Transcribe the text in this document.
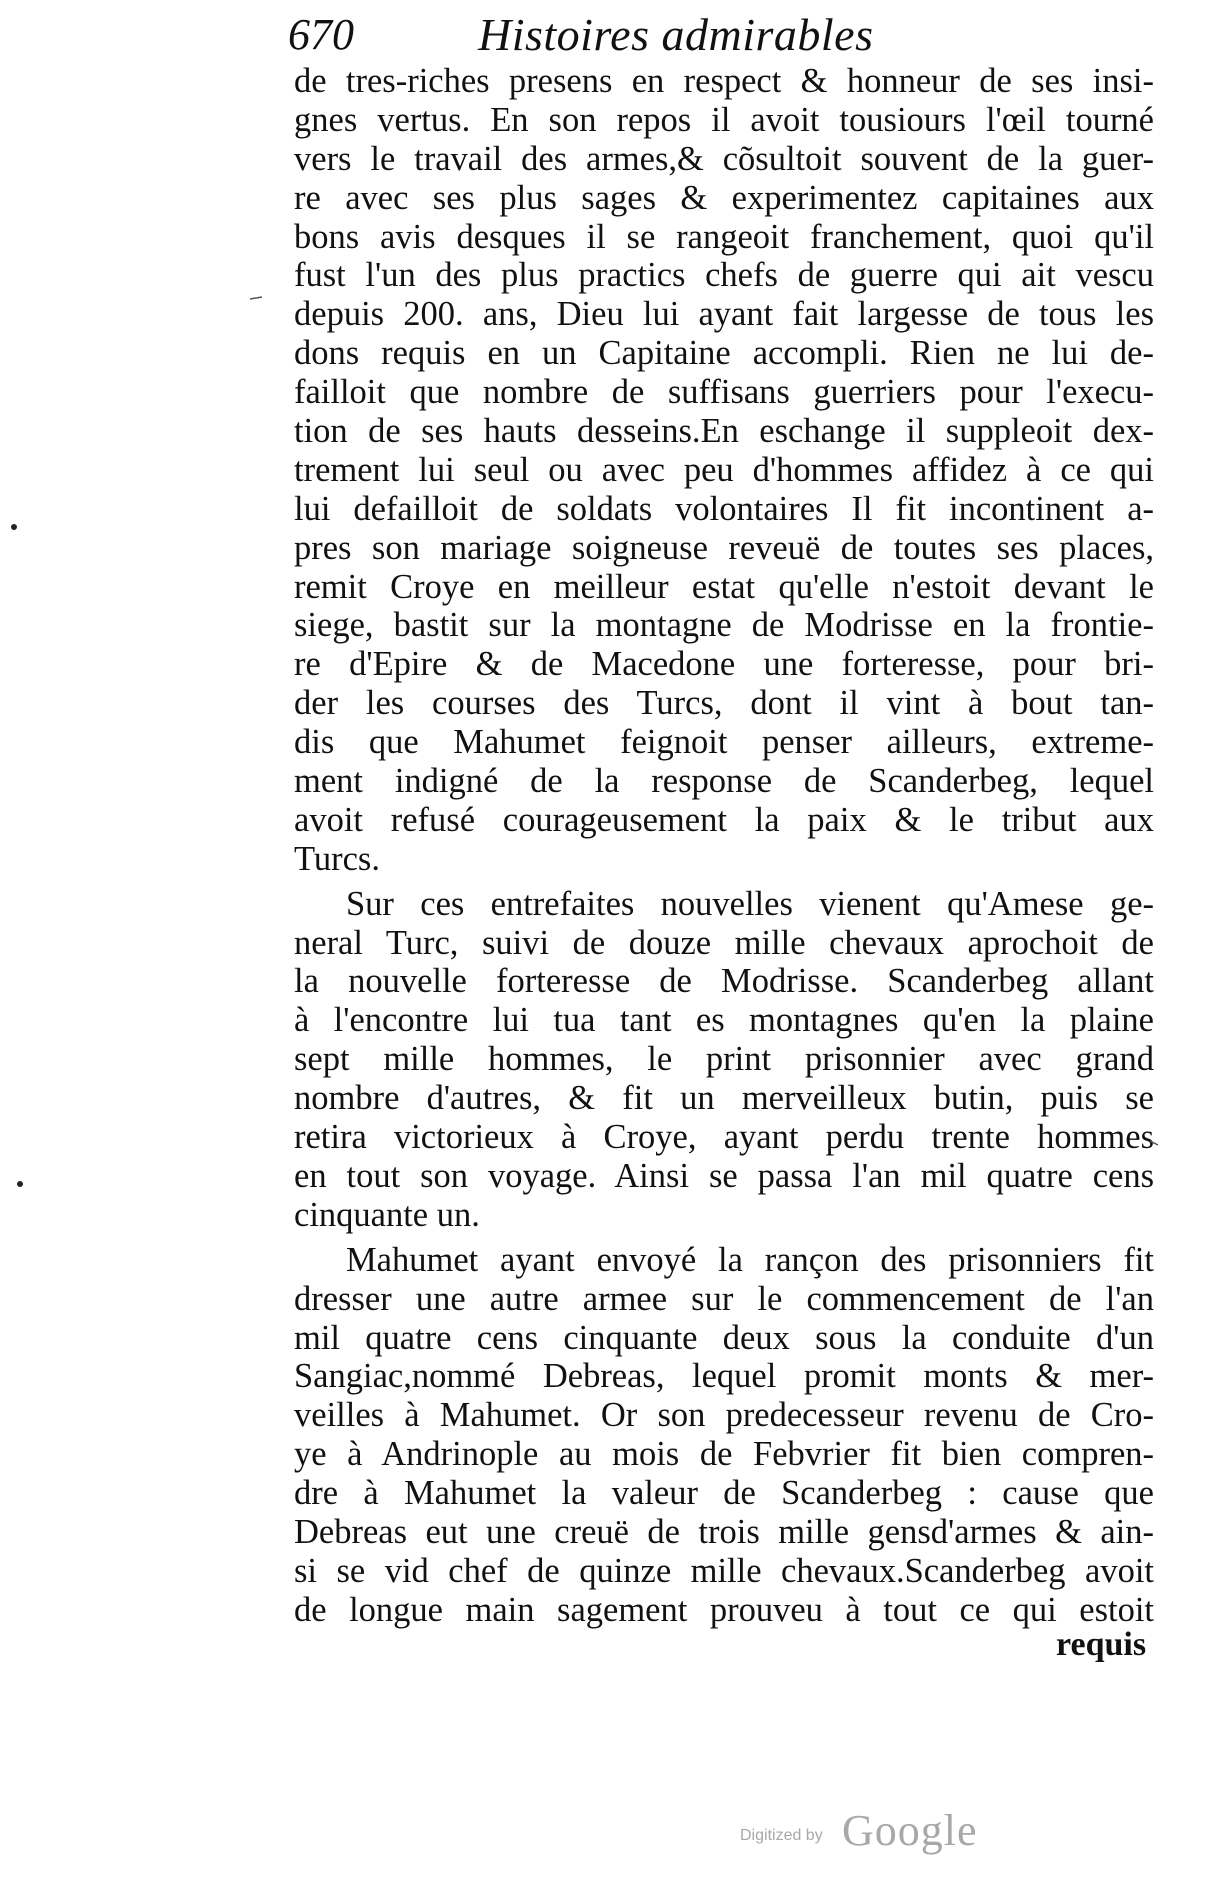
670	Histoires admirables
de tres-riches presens en respect & honneur de ses insi-
gnes vertus. En son repos il avoit tousiours l'œil tourné
vers le travail des armes,& cõsultoit souvent de la guer-
re avec ses plus sages & experimentez capitaines aux
bons avis desques il se rangeoit franchement, quoi qu'il
fust l'un des plus practics chefs de guerre qui ait vescu
depuis 200. ans, Dieu lui ayant fait largesse de tous les
dons requis en un Capitaine accompli. Rien ne lui de-
failloit que nombre de suffisans guerriers pour l'execu-
tion de ses hauts desseins.En eschange il suppleoit dex-
trement lui seul ou avec peu d'hommes affidez à ce qui
lui defailloit de soldats volontaires Il fit incontinent a-
pres son mariage soigneuse reveuë de toutes ses places,
remit Croye en meilleur estat qu'elle n'estoit devant le
siege, bastit sur la montagne de Modrisse en la frontie-
re d'Epire & de Macedone une forteresse, pour bri-
der les courses des Turcs, dont il vint à bout tan-
dis que Mahumet feignoit penser ailleurs, extreme-
ment indigné de la response de Scanderbeg, lequel
avoit refusé courageusement la paix & le tribut aux
Turcs.
Sur ces entrefaites nouvelles vienent qu'Amese ge-
neral Turc, suivi de douze mille chevaux aprochoit de
la nouvelle forteresse de Modrisse. Scanderbeg allant
à l'encontre lui tua tant es montagnes qu'en la plaine
sept mille hommes, le print prisonnier avec grand
nombre d'autres, & fit un merveilleux butin, puis se
retira victorieux à Croye, ayant perdu trente hommes
en tout son voyage. Ainsi se passa l'an mil quatre cens
cinquante un.
Mahumet ayant envoyé la rançon des prisonniers fit
dresser une autre armee sur le commencement de l'an
mil quatre cens cinquante deux sous la conduite d'un
Sangiac,nommé Debreas, lequel promit monts & mer-
veilles à Mahumet. Or son predecesseur revenu de Cro-
ye à Andrinople au mois de Febvrier fit bien compren-
dre à Mahumet la valeur de Scanderbeg : cause que
Debreas eut une creuë de trois mille gensd'armes & ain-
si se vid chef de quinze mille chevaux.Scanderbeg avoit
de longue main sagement prouveu à tout ce qui estoit
requis
Digitized by Google
